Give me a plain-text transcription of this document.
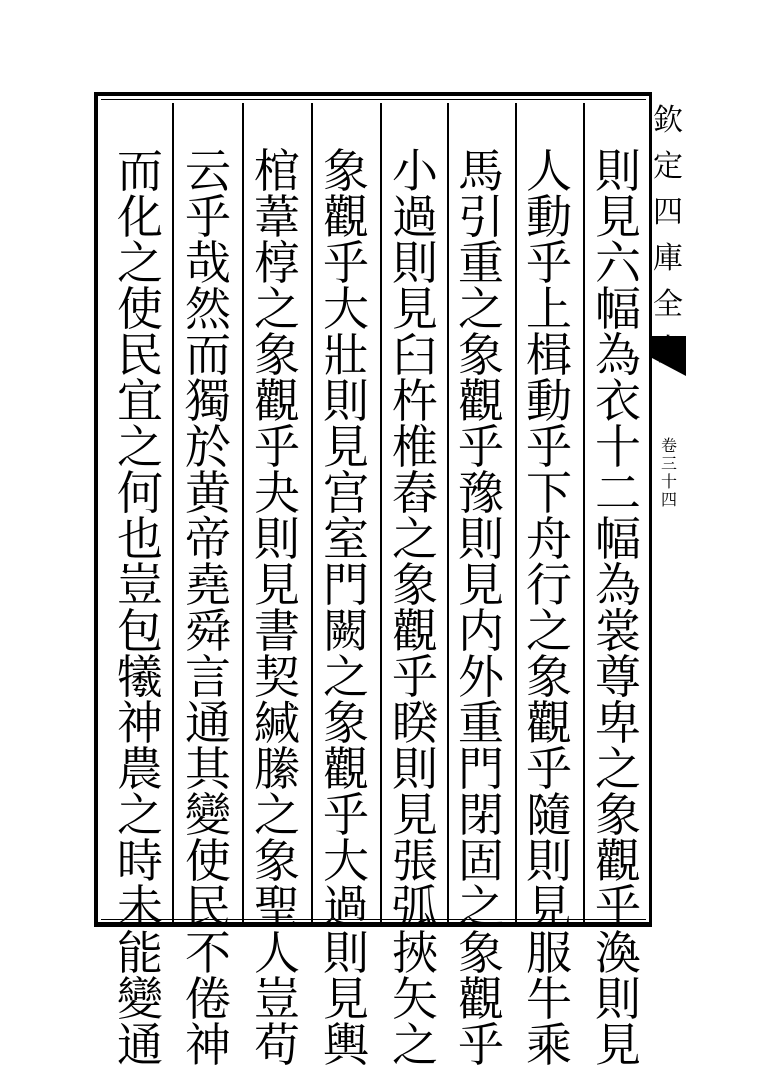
欽
定
四
庫
全
卷
三
十
四
則
見
六
幅
為
衣
十
二
幅
為
裳
尊
卑
之
象
觀
乎
渙
則
見
人
動
乎
上
楫
動
乎
下
舟
行
之
象
觀
乎
隨
則
見
服
牛
乘
馬
引
重
之
象
觀
乎
豫
則
見
内
外
重
門
閉
固
之
象
觀
乎
小
過
則
見
臼
杵
椎
舂
之
象
觀
乎
睽
則
見
張
弧
挾
矢
之
象
觀
乎
大
壯
則
見
宫
室
門
闕
之
象
觀
乎
大
過
則
見
輿
棺
葦
椁
之
象
觀
乎
夬
則
見
書
契
緘
縢
之
象
聖
人
豈
苟
云
乎
哉
然
而
獨
於
黄
帝
堯
舜
言
通
其
變
使
民
不
倦
神
而
化
之
使
民
宜
之
何
也
豈
包
犧
神
農
之
時
未
能
變
通
